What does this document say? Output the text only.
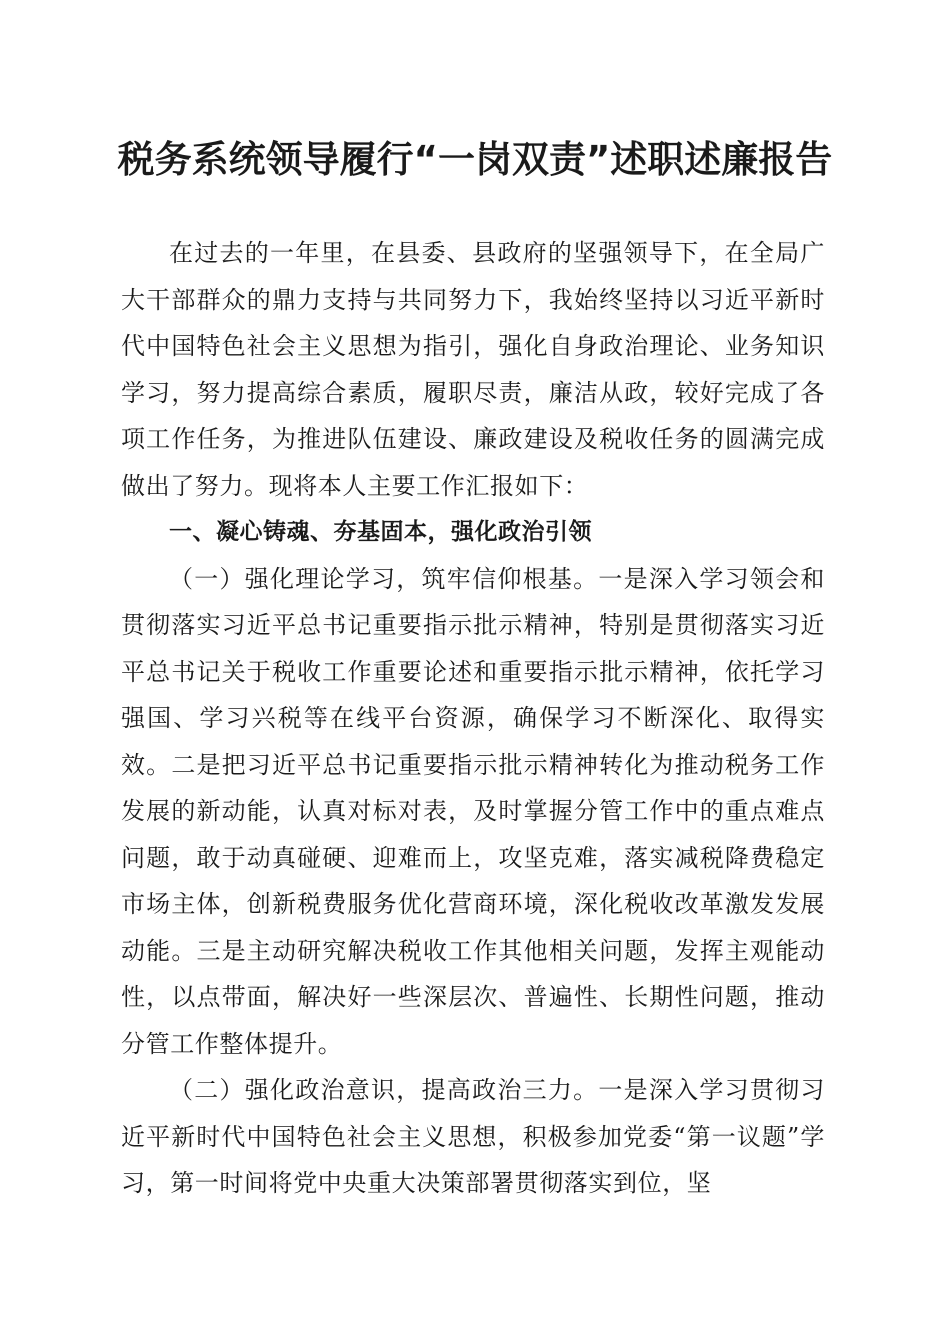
税务系统领导履行“一岗双责”述职述廉报告

在过去的一年里，在县委、县政府的坚强领导下，在全局广大干部群众的鼎力支持与共同努力下，我始终坚持以习近平新时代中国特色社会主义思想为指引，强化自身政治理论、业务知识学习，努力提高综合素质，履职尽责，廉洁从政，较好完成了各项工作任务，为推进队伍建设、廉政建设及税收任务的圆满完成做出了努力。现将本人主要工作汇报如下：

一、凝心铸魂、夯基固本，强化政治引领

（一）强化理论学习，筑牢信仰根基。一是深入学习领会和贯彻落实习近平总书记重要指示批示精神，特别是贯彻落实习近平总书记关于税收工作重要论述和重要指示批示精神，依托学习强国、学习兴税等在线平台资源，确保学习不断深化、取得实效。二是把习近平总书记重要指示批示精神转化为推动税务工作发展的新动能，认真对标对表，及时掌握分管工作中的重点难点问题，敢于动真碰硬、迎难而上，攻坚克难，落实减税降费稳定市场主体，创新税费服务优化营商环境，深化税收改革激发发展动能。三是主动研究解决税收工作其他相关问题，发挥主观能动性，以点带面，解决好一些深层次、普遍性、长期性问题，推动分管工作整体提升。

（二）强化政治意识，提高政治三力。一是深入学习贯彻习近平新时代中国特色社会主义思想，积极参加党委“第一议题”学习，第一时间将党中央重大决策部署贯彻落实到位，坚
